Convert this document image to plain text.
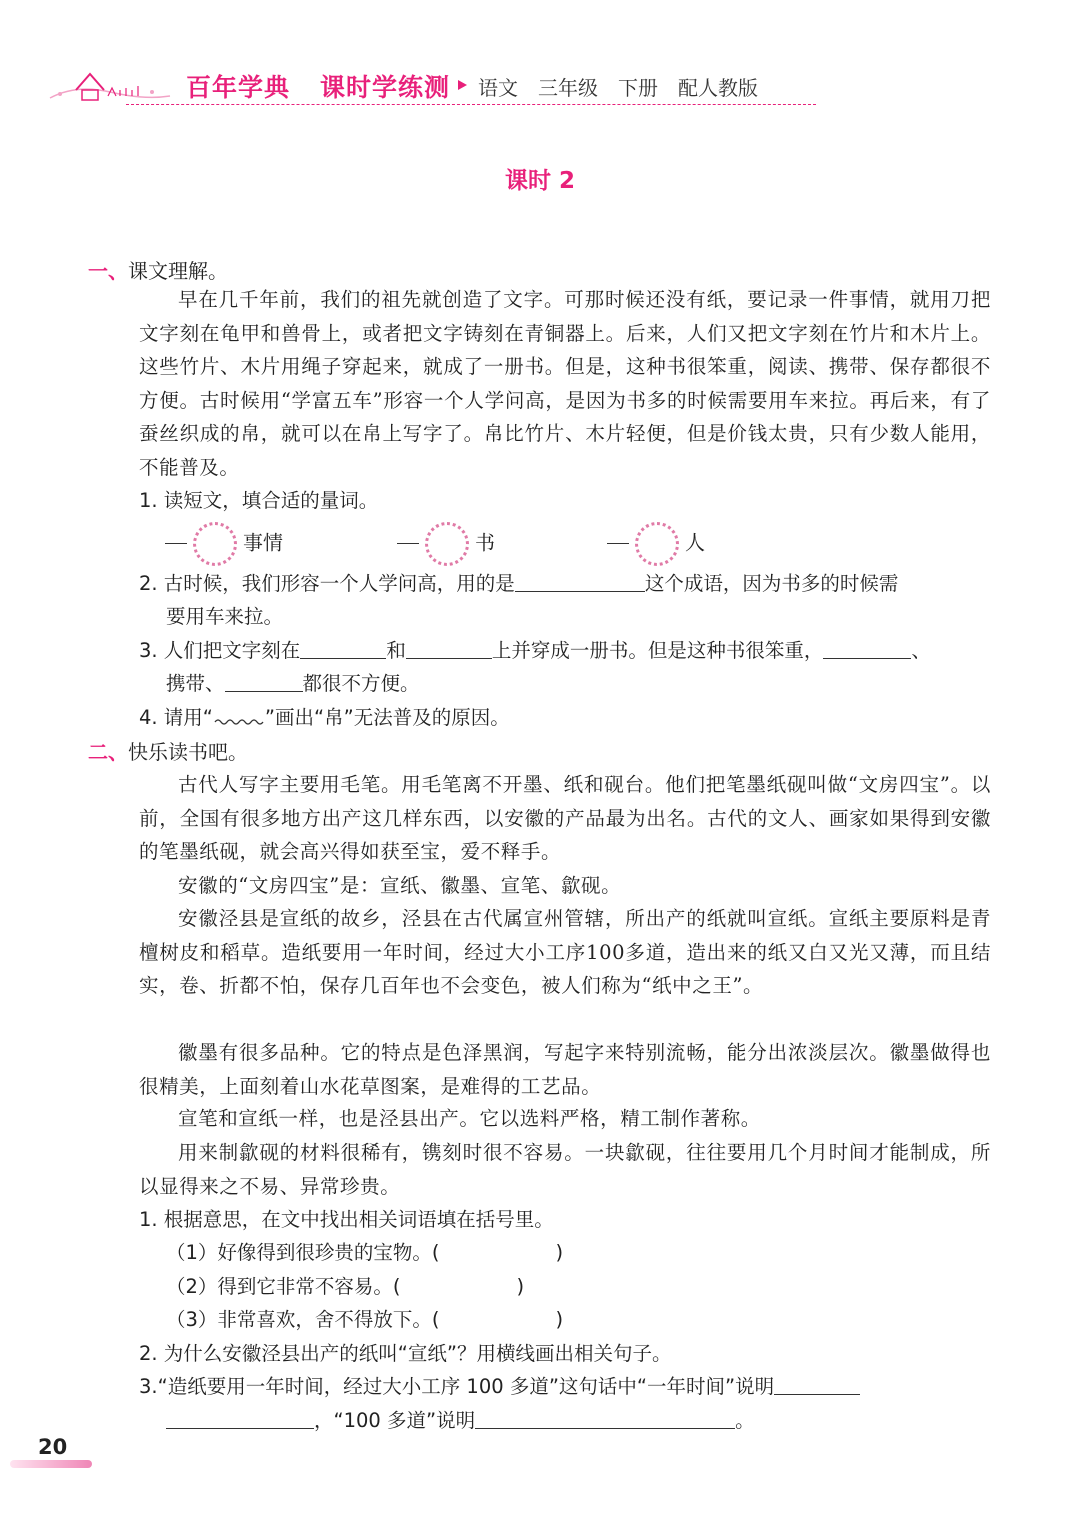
百年学典 课时学练测 语文　三年级　下册　配人教版
课时 2
一、课文理解。
早在几千年前，我们的祖先就创造了文字。可那时候还没有纸，要记录一件事情，就用刀把文字刻在龟甲和兽骨上，或者把文字铸刻在青铜器上。后来，人们又把文字刻在竹片和木片上。这些竹片、木片用绳子穿起来，就成了一册书。但是，这种书很笨重，阅读、携带、保存都很不方便。古时候用“学富五车”形容一个人学问高，是因为书多的时候需要用车来拉。再后来，有了蚕丝织成的帛，就可以在帛上写字了。帛比竹片、木片轻便，但是价钱太贵，只有少数人能用，不能普及。
1. 读短文，填合适的量词。
事情	书	人
2. 古时候，我们形容一个人学问高，用的是	这个成语，因为书多的时候需
要用车来拉。
3. 人们把文字刻在	和	上并穿成一册书。但是这种书很笨重，	、
携带、	都很不方便。
4. 请用“	”画出“帛”无法普及的原因。
二、快乐读书吧。
古代人写字主要用毛笔。用毛笔离不开墨、纸和砚台。他们把笔墨纸砚叫做“文房四宝”。以前，全国有很多地方出产这几样东西，以安徽的产品最为出名。古代的文人、画家如果得到安徽的笔墨纸砚，就会高兴得如获至宝，爱不释手。
安徽的“文房四宝”是：宣纸、徽墨、宣笔、歙砚。
安徽泾县是宣纸的故乡，泾县在古代属宣州管辖，所出产的纸就叫宣纸。宣纸主要原料是青檀树皮和稻草。造纸要用一年时间，经过大小工序100多道，造出来的纸又白又光又薄，而且结实，卷、折都不怕，保存几百年也不会变色，被人们称为“纸中之王”。
徽墨有很多品种。它的特点是色泽黑润，写起字来特别流畅，能分出浓淡层次。徽墨做得也很精美，上面刻着山水花草图案，是难得的工艺品。
宣笔和宣纸一样，也是泾县出产。它以选料严格，精工制作著称。
用来制歙砚的材料很稀有，镌刻时很不容易。一块歙砚，往往要用几个月时间才能制成，所以显得来之不易、异常珍贵。
1. 根据意思，在文中找出相关词语填在括号里。
（1）好像得到很珍贵的宝物。(	)
（2）得到它非常不容易。(	)
（3）非常喜欢，舍不得放下。(	)
2. 为什么安徽泾县出产的纸叫“宣纸”？用横线画出相关句子。
3.“造纸要用一年时间，经过大小工序 100 多道”这句话中“一年时间”说明
，“100 多道”说明	。
20
